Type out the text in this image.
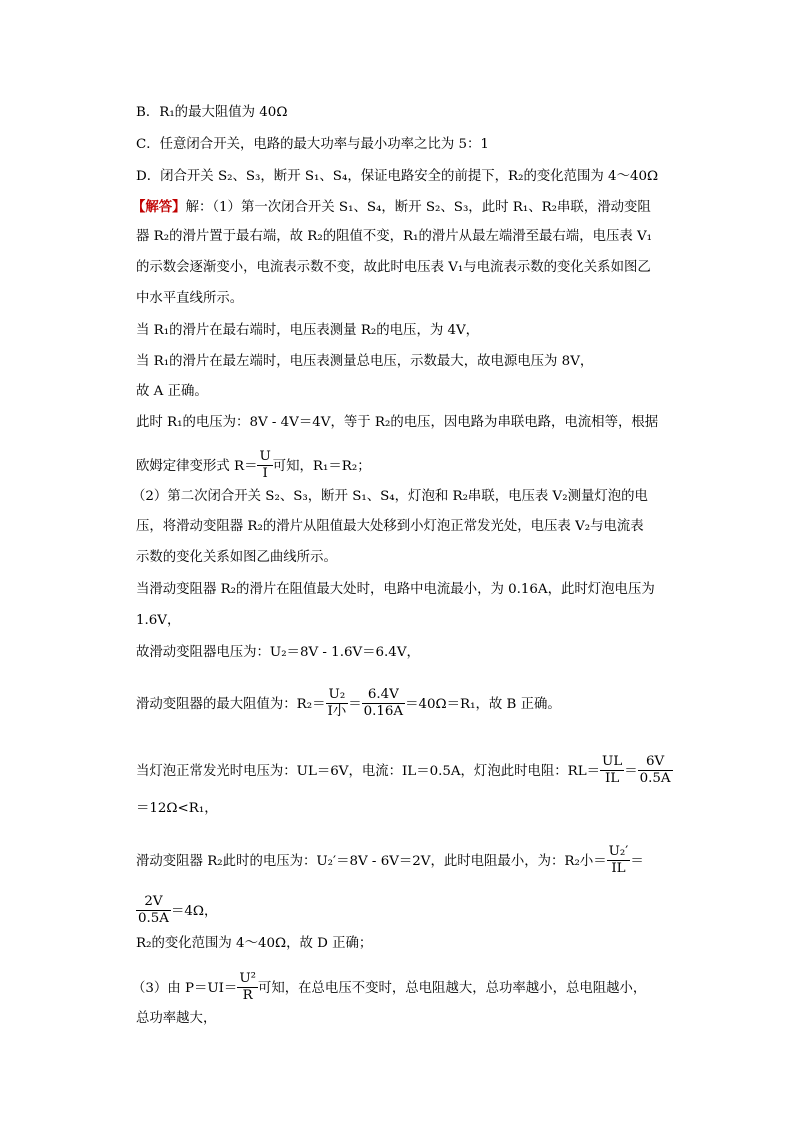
B．R₁的最大阻值为 40Ω
C．任意闭合开关，电路的最大功率与最小功率之比为 5：1
D．闭合开关 S₂、S₃，断开 S₁、S₄，保证电路安全的前提下，R₂的变化范围为 4～40Ω
【解答】解：（1）第一次闭合开关 S₁、S₄，断开 S₂、S₃，此时 R₁、R₂串联，滑动变阻
器 R₂的滑片置于最右端，故 R₂的阻值不变，R₁的滑片从最左端滑至最右端，电压表 V₁
的示数会逐渐变小，电流表示数不变，故此时电压表 V₁与电流表示数的变化关系如图乙
中水平直线所示。
当 R₁的滑片在最右端时，电压表测量 R₂的电压，为 4V，
当 R₁的滑片在最左端时，电压表测量总电压，示数最大，故电源电压为 8V，
故 A 正确。
此时 R₁的电压为：8V - 4V＝4V，等于 R₂的电压，因电路为串联电路，电流相等，根据
欧姆定律变形式 $R= \frac{U}{I}$ 可知，R₁＝R₂；
（2）第二次闭合开关 S₂、S₃，断开 S₁、S₄，灯泡和 R₂串联，电压表 V₂测量灯泡的电
压，将滑动变阻器 R₂的滑片从阻值最大处移到小灯泡正常发光处，电压表 V₂与电流表
示数的变化关系如图乙曲线所示。
当滑动变阻器 R₂的滑片在阻值最大处时，电路中电流最小，为 0.16A，此时灯泡电压为
1.6V，
故滑动变阻器电压为：U₂＝8V - 1.6V＝6.4V，
滑动变阻器的最大阻值为：$R_2= \frac{\text{U₂}}{\text{I小}} = \frac{6.4V}{0.16A} =40\Omega=R_1$，故 B 正确。
当灯泡正常发光时电压为：UL＝6V，电流：IL＝0.5A，灯泡此时电阻：$RL= \frac{UL}{IL} = \frac{6V}{0.5A}$
＝12Ω<R₁，
滑动变阻器 R₂此时的电压为：U₂′＝8V - 6V＝2V，此时电阻最小，为：R₂小＝ $\frac{\text{U₂′}}{IL}$ ＝
$\frac{2V}{0.5A} =4\Omega$，
R₂的变化范围为 4～40Ω，故 D 正确；
（3）由 $P=UI= \frac{\text{U²}}{R}$ 可知，在总电压不变时，总电阻越大，总功率越小，总电阻越小，
总功率越大，
